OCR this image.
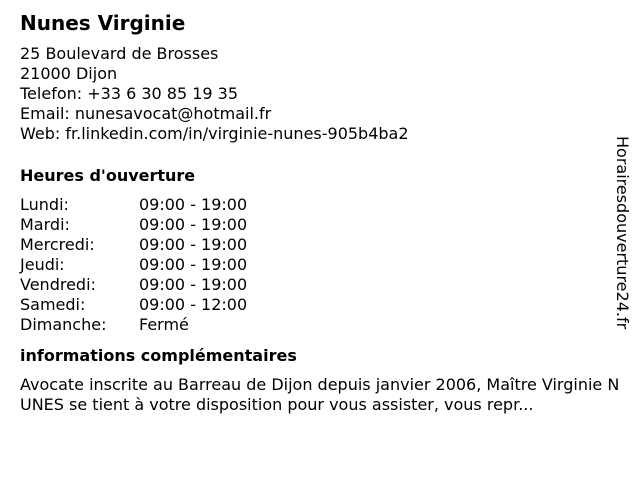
Nunes Virginie
25 Boulevard de Brosses
21000 Dijon
Telefon: +33 6 30 85 19 35
Email: nunesavocat@hotmail.fr
Web: fr.linkedin.com/in/virginie-nunes-905b4ba2
Heures d'ouverture
Lundi:	09:00 - 19:00
Mardi:	09:00 - 19:00
Mercredi:	09:00 - 19:00
Jeudi:	09:00 - 19:00
Vendredi:	09:00 - 19:00
Samedi:	09:00 - 12:00
Dimanche: Fermé
informations complémentaires
Avocate inscrite au Barreau de Dijon depuis janvier 2006, Maître Virginie NUNES se tient à votre disposition pour vous assister, vous repr...
Horairesdouverture24.fr
